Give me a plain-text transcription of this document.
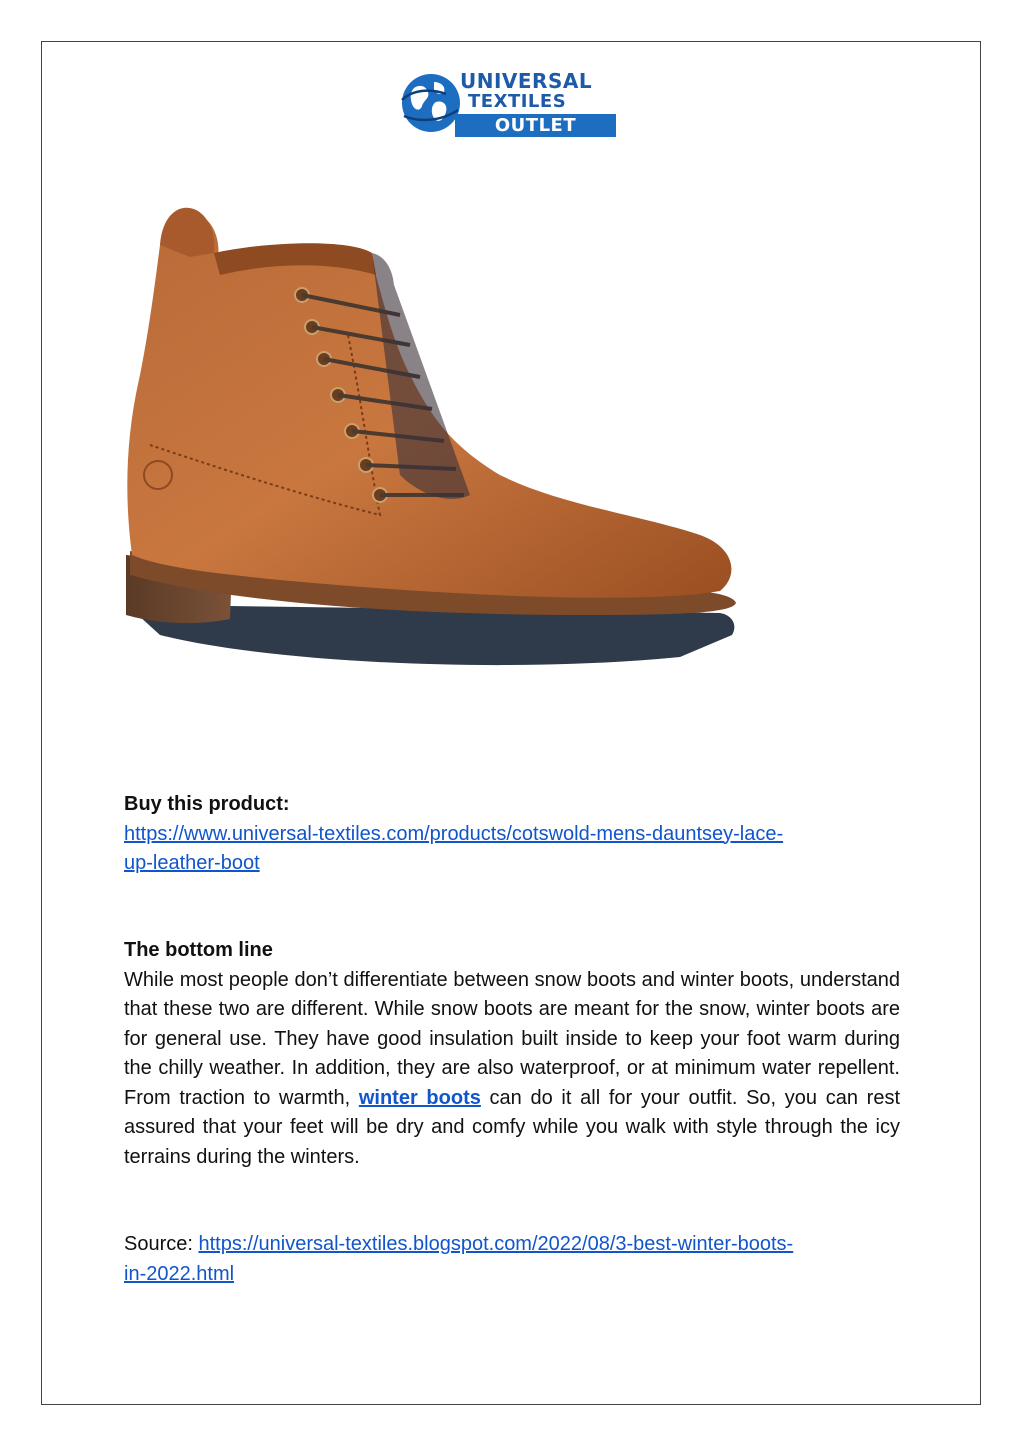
UNIVERSAL
TEXTILES
OUTLET
Buy this product:
https://www.universal-textiles.com/products/cotswold-mens-dauntsey-lace-
up-leather-boot
The bottom line
While most people don’t differentiate between snow boots and winter boots, understand that these two are different. While snow boots are meant for the snow, winter boots are for general use. They have good insulation built inside to keep your foot warm during the chilly weather. In addition, they are also waterproof, or at minimum water repellent. From traction to warmth, winter boots can do it all for your outfit. So, you can rest assured that your feet will be dry and comfy while you walk with style through the icy terrains during the winters.
Source: https://universal-textiles.blogspot.com/2022/08/3-best-winter-boots-
in-2022.html
